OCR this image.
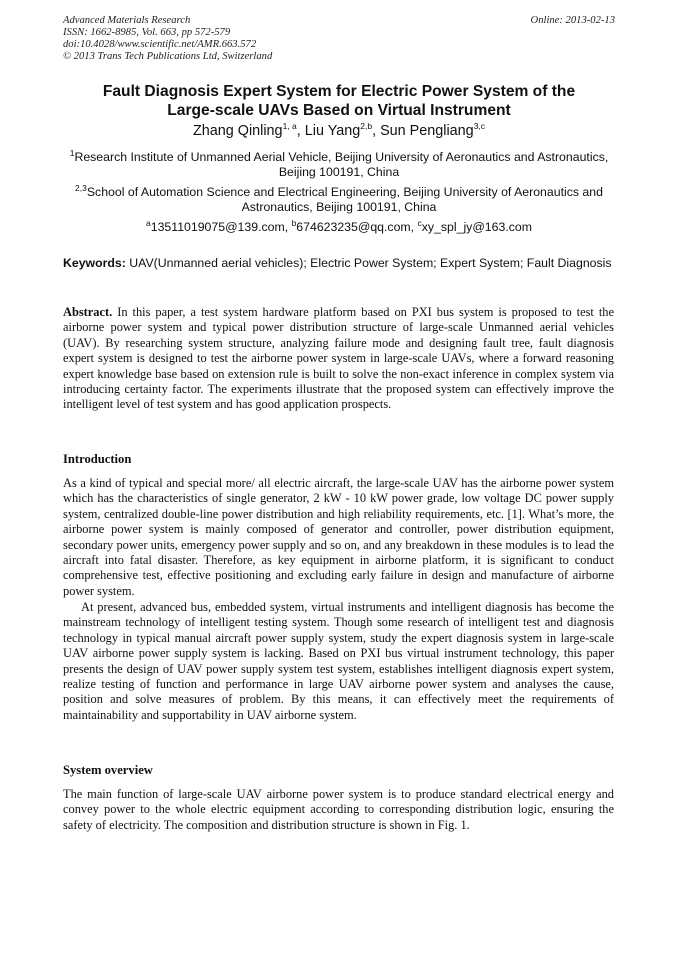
Advanced Materials Research
ISSN: 1662-8985, Vol. 663, pp 572-579
doi:10.4028/www.scientific.net/AMR.663.572
© 2013 Trans Tech Publications Ltd, Switzerland
Online: 2013-02-13
Fault Diagnosis Expert System for Electric Power System of the
Large-scale UAVs Based on Virtual Instrument
Zhang Qinling$^{1, a}$, Liu Yang$^{2,b}$, Sun Pengliang$^{3,c}$
$^1$Research Institute of Unmanned Aerial Vehicle, Beijing University of Aeronautics and Astronautics, Beijing 100191, China
$^{2,3}$School of Automation Science and Electrical Engineering, Beijing University of Aeronautics and Astronautics, Beijing 100191, China
$^a$13511019075@139.com, $^b$674623235@qq.com, $^c$xy_spl_jy@163.com
Keywords: UAV(Unmanned aerial vehicles); Electric Power System; Expert System; Fault Diagnosis
Abstract. In this paper, a test system hardware platform based on PXI bus system is proposed to test the airborne power system and typical power distribution structure of large-scale Unmanned aerial vehicles (UAV). By researching system structure, analyzing failure mode and designing fault tree, fault diagnosis expert system is designed to test the airborne power system in large-scale UAVs, where a forward reasoning expert knowledge base based on extension rule is built to solve the non-exact inference in complex system via introducing certainty factor. The experiments illustrate that the proposed system can effectively improve the intelligent level of test system and has good application prospects.
Introduction

As a kind of typical and special more/ all electric aircraft, the large-scale UAV has the airborne power system which has the characteristics of single generator, 2 kW - 10 kW power grade, low voltage DC power supply system, centralized double-line power distribution and high reliability requirements, etc. [1]. What’s more, the airborne power system is mainly composed of generator and controller, power distribution equipment, secondary power units, emergency power supply and so on, and any breakdown in these modules is to lead the aircraft into fatal disaster. Therefore, as key equipment in airborne platform, it is significant to conduct comprehensive test, effective positioning and excluding early failure in design and manufacture of airborne power system.

At present, advanced bus, embedded system, virtual instruments and intelligent diagnosis has become the mainstream technology of intelligent testing system. Though some research of intelligent test and diagnosis technology in typical manual aircraft power supply system, study the expert diagnosis system in large-scale UAV airborne power supply system is lacking. Based on PXI bus virtual instrument technology, this paper presents the design of UAV power supply system test system, establishes intelligent diagnosis expert system, realize testing of function and performance in large UAV airborne power system and analyses the cause, position and solve measures of problem. By this means, it can effectively meet the requirements of maintainability and supportability in UAV airborne system.

System overview

The main function of large-scale UAV airborne power system is to produce standard electrical energy and convey power to the whole electric equipment according to corresponding distribution logic, ensuring the safety of electricity. The composition and distribution structure is shown in Fig. 1.
